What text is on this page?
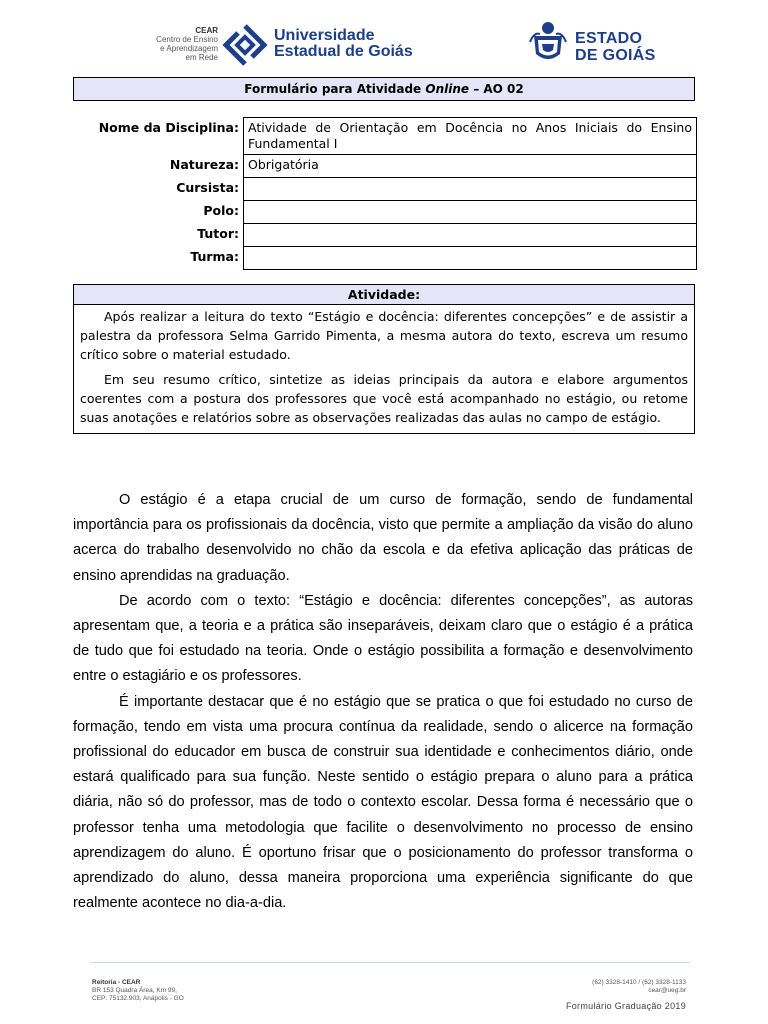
CEAR
Centro de Ensino
e Aprendizagem
em Rede
Universidade
Estadual de Goiás
ESTADO
DE GOIÁS
Formulário para Atividade Online – AO 02
Nome da Disciplina:	Atividade de Orientação em Docência no Anos Iniciais do Ensino Fundamental I
Natureza:	Obrigatória
Cursista:	
Polo:	
Tutor:	
Turma:	
Atividade:

Após realizar a leitura do texto “Estágio e docência: diferentes concepções” e de assistir a palestra da professora Selma Garrido Pimenta, a mesma autora do texto, escreva um resumo crítico sobre o material estudado.

Em seu resumo crítico, sintetize as ideias principais da autora e elabore argumentos coerentes com a postura dos professores que você está acompanhado no estágio, ou retome suas anotações e relatórios sobre as observações realizadas das aulas no campo de estágio.

O estágio é a etapa crucial de um curso de formação, sendo de fundamental importância para os profissionais da docência, visto que permite a ampliação da visão do aluno acerca do trabalho desenvolvido no chão da escola e da efetiva aplicação das práticas de ensino aprendidas na graduação.

De acordo com o texto: “Estágio e docência: diferentes concepções”, as autoras apresentam que, a teoria e a prática são inseparáveis, deixam claro que o estágio é a prática de tudo que foi estudado na teoria. Onde o estágio possibilita a formação e desenvolvimento entre o estagiário e os professores.

É importante destacar que é no estágio que se pratica o que foi estudado no curso de formação, tendo em vista uma procura contínua da realidade, sendo o alicerce na formação profissional do educador em busca de construir sua identidade e conhecimentos diário, onde estará qualificado para sua função. Neste sentido o estágio prepara o aluno para a prática diária, não só do professor, mas de todo o contexto escolar. Dessa forma é necessário que o professor tenha uma metodologia que facilite o desenvolvimento no processo de ensino aprendizagem do aluno. É oportuno frisar que o posicionamento do professor transforma o aprendizado do aluno, dessa maneira proporciona uma experiência significante do que realmente acontece no dia-a-dia.

Reitoria - CEAR
BR 153 Quadra Área, Km 99,
CEP: 75132.903, Anápolis - GO
(62) 3328-1410 / (62) 3328-1133
cear@ueg.br
Formulário Graduação 2019
